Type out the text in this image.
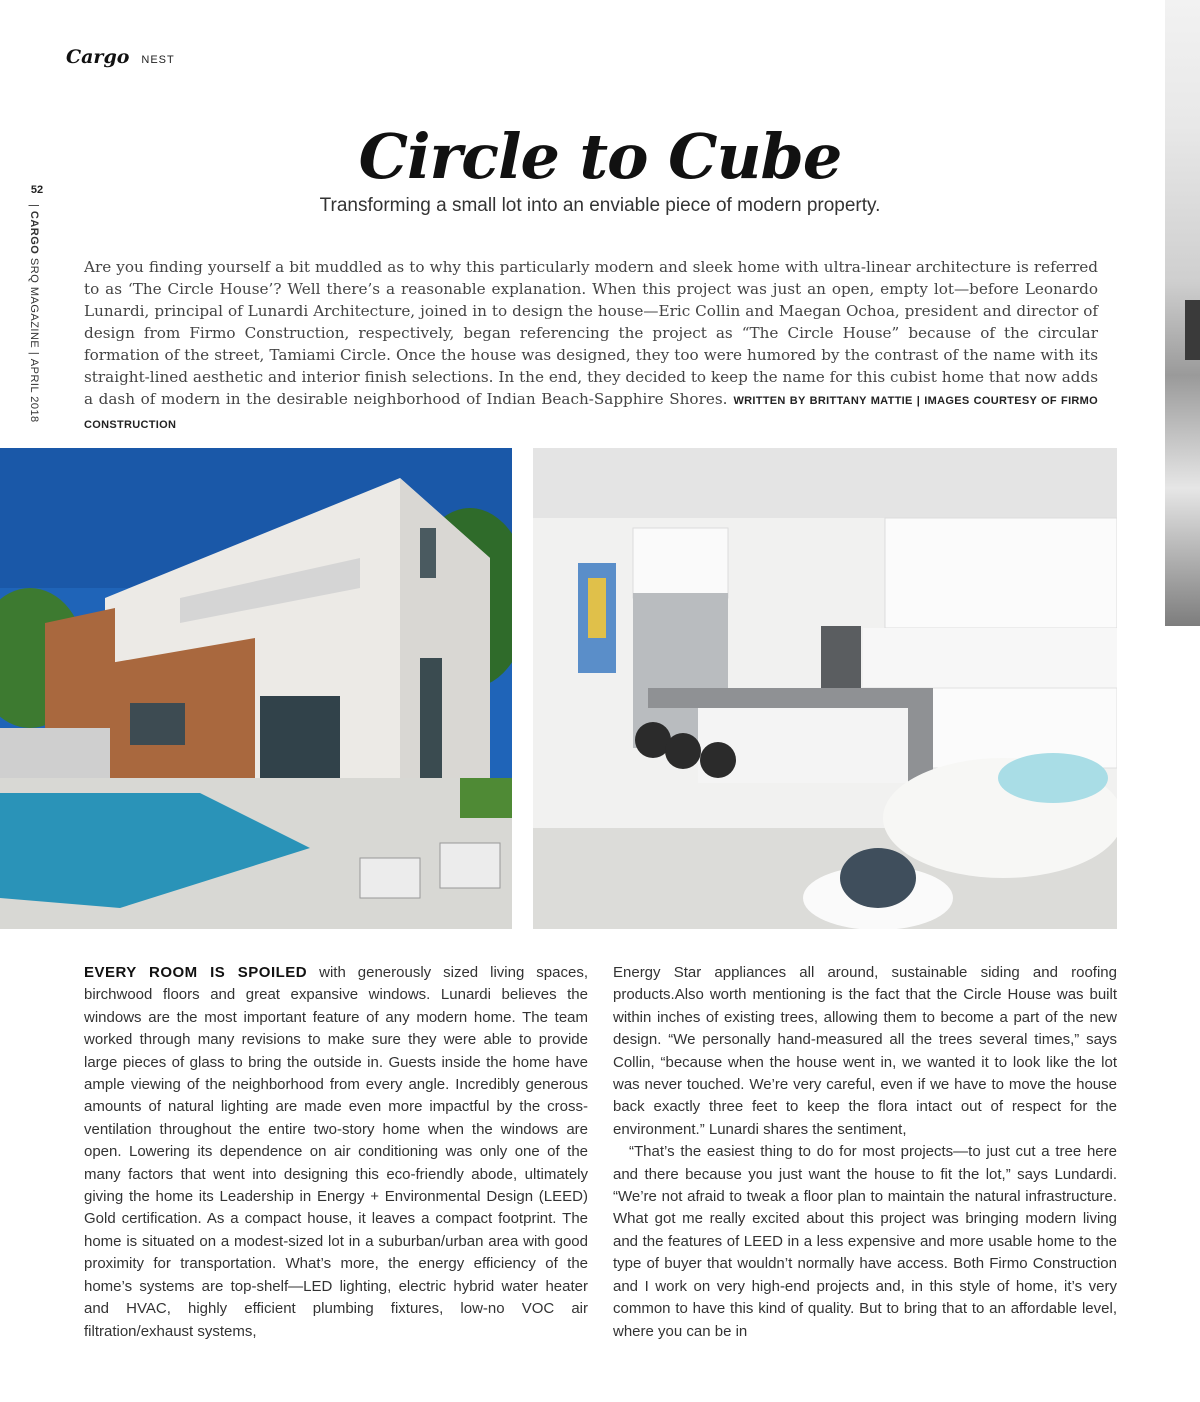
Cargo NEST
52
| CARGO SRQ MAGAZINE | APRIL 2018
Circle to Cube
Transforming a small lot into an enviable piece of modern property.
Are you finding yourself a bit muddled as to why this particularly modern and sleek home with ultra-linear architecture is referred to as ‘The Circle House’? Well there’s a reasonable explanation. When this project was just an open, empty lot—before Leonardo Lunardi, principal of Lunardi Architecture, joined in to design the house—Eric Collin and Maegan Ochoa, president and director of design from Firmo Construction, respectively, began referencing the project as “The Circle House” because of the circular formation of the street, Tamiami Circle. Once the house was designed, they too were humored by the contrast of the name with its straight-lined aesthetic and interior finish selections. In the end, they decided to keep the name for this cubist home that now adds a dash of modern in the desirable neighborhood of Indian Beach-Sapphire Shores. WRITTEN BY BRITTANY MATTIE | IMAGES COURTESY OF FIRMO CONSTRUCTION

EVERY ROOM IS SPOILED with generously sized living spaces, birchwood floors and great expansive windows. Lunardi believes the windows are the most important feature of any modern home. The team worked through many revisions to make sure they were able to provide large pieces of glass to bring the outside in. Guests inside the home have ample viewing of the neighborhood from every angle. Incredibly generous amounts of natural lighting are made even more impactful by the cross-ventilation throughout the entire two-story home when the windows are open. Lowering its dependence on air conditioning was only one of the many factors that went into designing this eco-friendly abode, ultimately giving the home its Leadership in Energy + Environmental Design (LEED) Gold certification. As a compact house, it leaves a compact footprint. The home is situated on a modest-sized lot in a suburban/urban area with good proximity for transportation. What’s more, the energy efficiency of the home’s systems are top-shelf—LED lighting, electric hybrid water heater and HVAC, highly efficient plumbing fixtures, low-no VOC air filtration/exhaust systems,

Energy Star appliances all around, sustainable siding and roofing products.Also worth mentioning is the fact that the Circle House was built within inches of existing trees, allowing them to become a part of the new design. “We personally hand-measured all the trees several times,” says Collin, “because when the house went in, we wanted it to look like the lot was never touched. We’re very careful, even if we have to move the house back exactly three feet to keep the flora intact out of respect for the environment.” Lunardi shares the sentiment,

“That’s the easiest thing to do for most projects—to just cut a tree here and there because you just want the house to fit the lot,” says Lundardi. “We’re not afraid to tweak a floor plan to maintain the natural infrastructure. What got me really excited about this project was bringing modern living and the features of LEED in a less expensive and more usable home to the type of buyer that wouldn’t normally have access. Both Firmo Construction and I work on very high-end projects and, in this style of home, it’s very common to have this kind of quality. But to bring that to an affordable level, where you can be in
